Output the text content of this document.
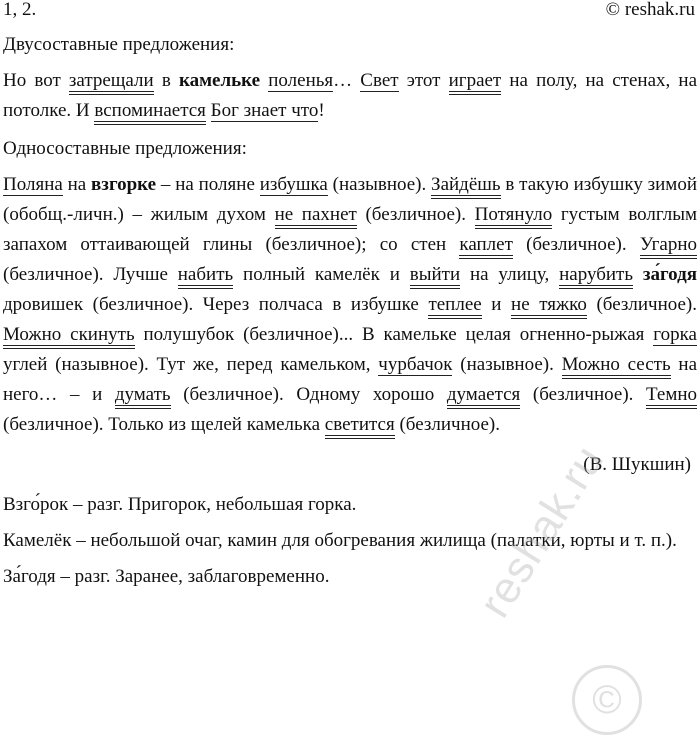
1, 2.	© reshak.ru
Двусоставные предложения:

Но вот затрещали в камельке поленья… Свет этот играет на полу, на стенах, на потолке. И вспоминается Бог знает что!

Односоставные предложения:

Поляна на взгорке – на поляне избушка (назывное). Зайдёшь в такую избушку зимой (обобщ.-личн.) – жилым духом не пахнет (безличное). Потянуло густым волглым запахом оттаивающей глины (безличное); со стен каплет (безличное). Угарно (безличное). Лучше набить полный камелёк и выйти на улицу, нарубить за́годя дровишек (безличное). Через полчаса в избушке теплее и не тяжко (безличное). Можно скинуть полушубок (безличное)... В камельке целая огненно-рыжая горка углей (назывное). Тут же, перед камельком, чурбачок (назывное). Можно сесть на него… – и думать (безличное). Одному хорошо думается (безличное). Темно (безличное). Только из щелей камелька светится (безличное).

(В. Шукшин)

Взго́рок – разг. Пригорок, небольшая горка.

Камелёк – небольшой очаг, камин для обогревания жилища (палатки, юрты и т. п.).

За́годя – разг. Заранее, заблаговременно.	reshak.ru
©
